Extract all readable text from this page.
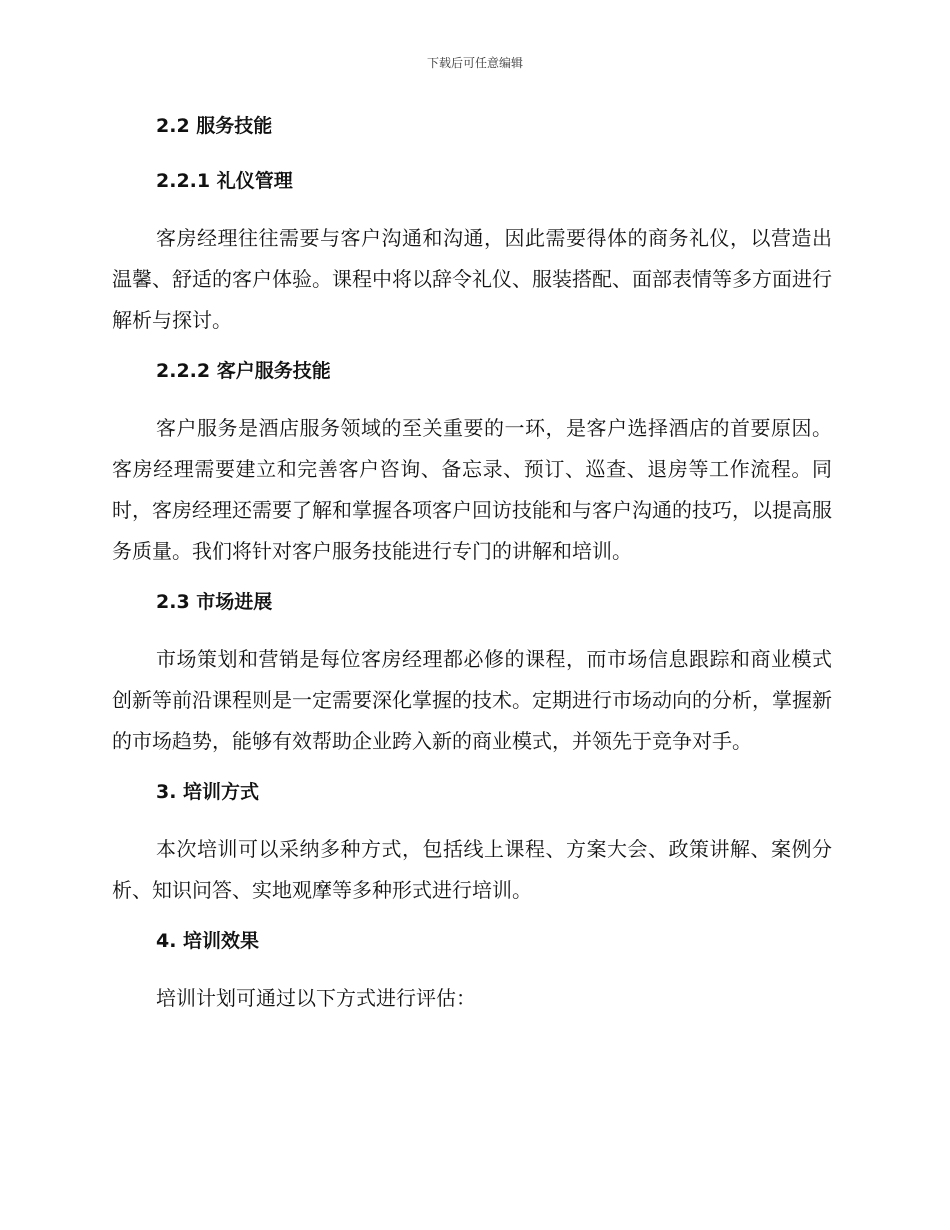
下载后可任意编辑
2.2 服务技能
2.2.1 礼仪管理

客房经理往往需要与客户沟通和沟通，因此需要得体的商务礼仪，以营造出温馨、舒适的客户体验。课程中将以辞令礼仪、服装搭配、面部表情等多方面进行解析与探讨。

2.2.2 客户服务技能

客户服务是酒店服务领域的至关重要的一环，是客户选择酒店的首要原因。客房经理需要建立和完善客户咨询、备忘录、预订、巡查、退房等工作流程。同时，客房经理还需要了解和掌握各项客户回访技能和与客户沟通的技巧，以提高服务质量。我们将针对客户服务技能进行专门的讲解和培训。

2.3 市场进展

市场策划和营销是每位客房经理都必修的课程，而市场信息跟踪和商业模式创新等前沿课程则是一定需要深化掌握的技术。定期进行市场动向的分析，掌握新的市场趋势，能够有效帮助企业跨入新的商业模式，并领先于竞争对手。

3. 培训方式

本次培训可以采纳多种方式，包括线上课程、方案大会、政策讲解、案例分析、知识问答、实地观摩等多种形式进行培训。

4. 培训效果

培训计划可通过以下方式进行评估：
